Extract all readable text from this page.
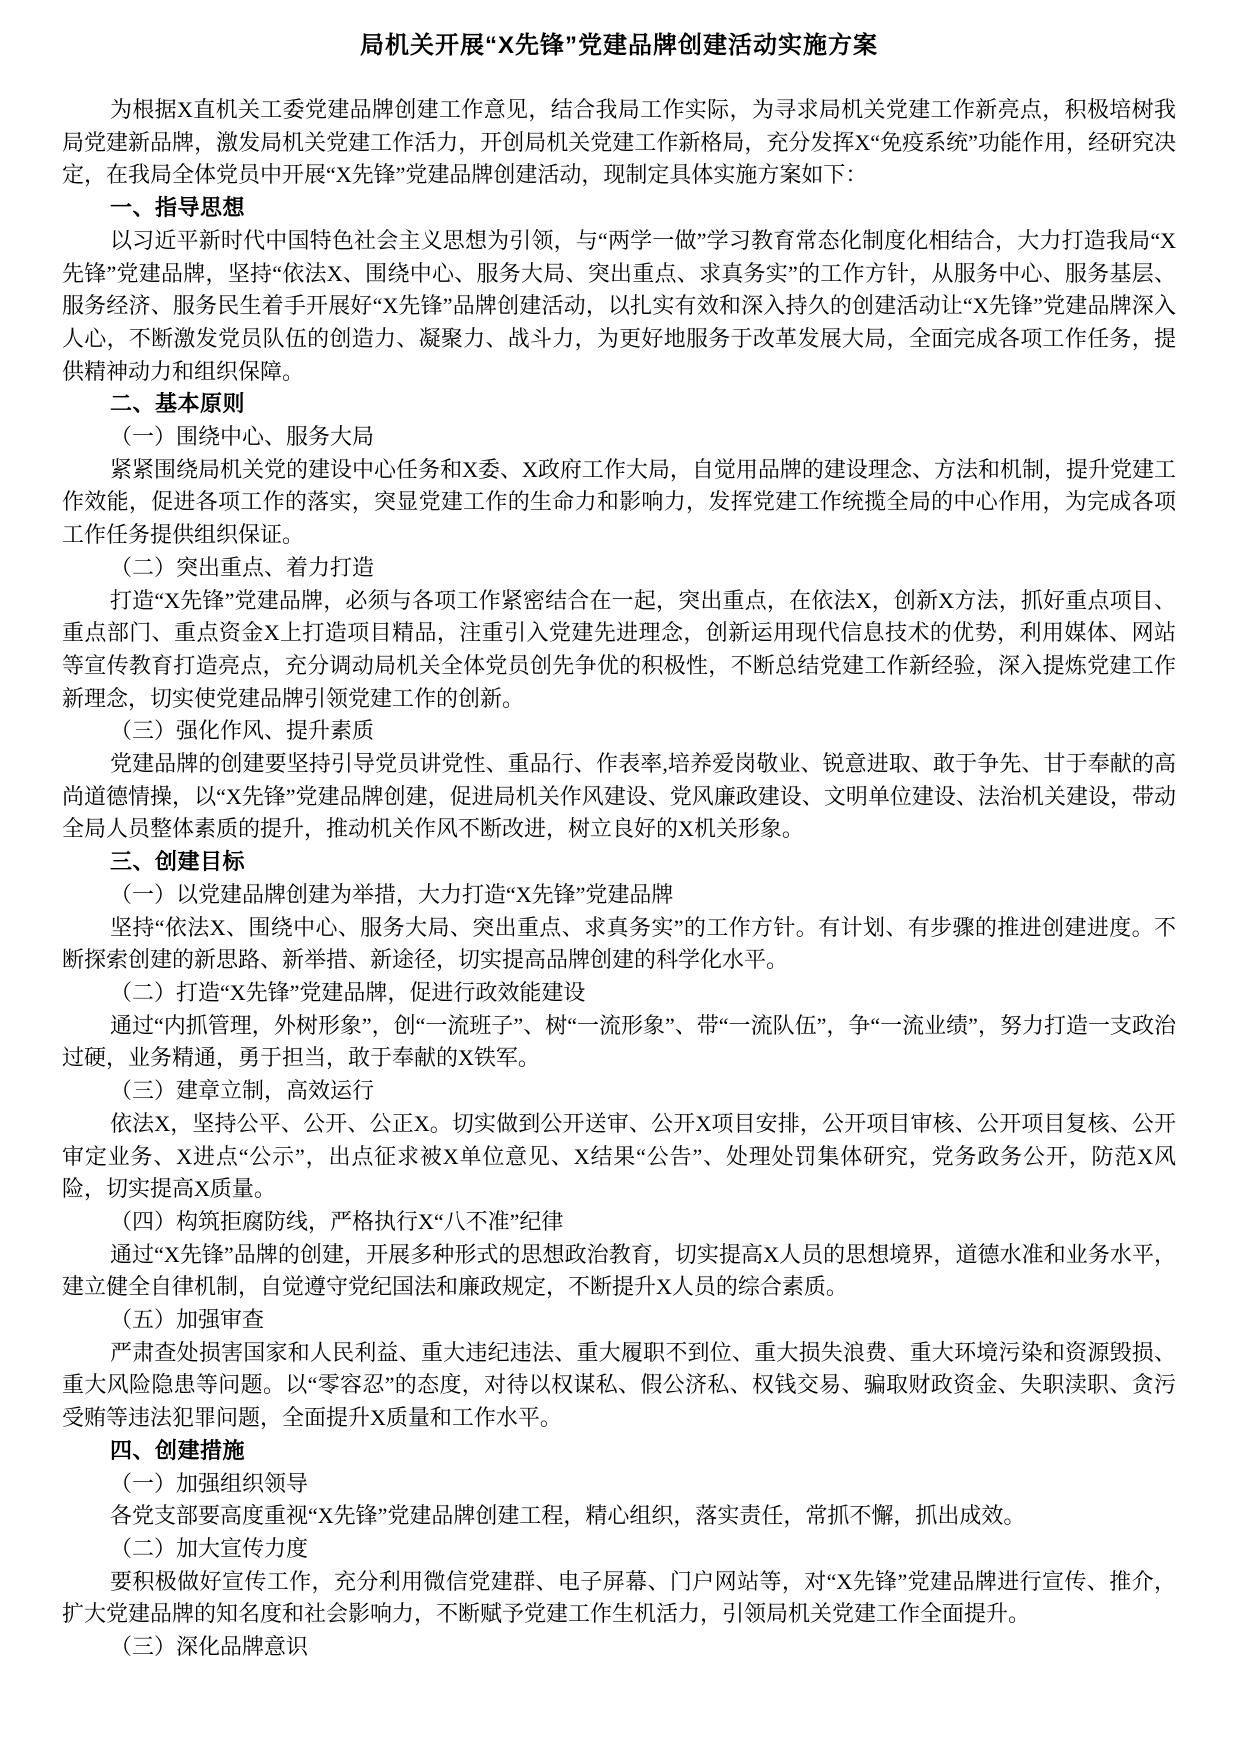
局机关开展“X先锋”党建品牌创建活动实施方案

为根据X直机关工委党建品牌创建工作意见，结合我局工作实际，为寻求局机关党建工作新亮点，积极培树我局党建新品牌，激发局机关党建工作活力，开创局机关党建工作新格局，充分发挥X“免疫系统”功能作用，经研究决定，在我局全体党员中开展“X先锋”党建品牌创建活动，现制定具体实施方案如下：

一、指导思想

以习近平新时代中国特色社会主义思想为引领，与“两学一做”学习教育常态化制度化相结合，大力打造我局“X先锋”党建品牌，坚持“依法X、围绕中心、服务大局、突出重点、求真务实”的工作方针，从服务中心、服务基层、服务经济、服务民生着手开展好“X先锋”品牌创建活动，以扎实有效和深入持久的创建活动让“X先锋”党建品牌深入人心，不断激发党员队伍的创造力、凝聚力、战斗力，为更好地服务于改革发展大局，全面完成各项工作任务，提供精神动力和组织保障。

二、基本原则

（一）围绕中心、服务大局

紧紧围绕局机关党的建设中心任务和X委、X政府工作大局，自觉用品牌的建设理念、方法和机制，提升党建工作效能，促进各项工作的落实，突显党建工作的生命力和影响力，发挥党建工作统揽全局的中心作用，为完成各项工作任务提供组织保证。

（二）突出重点、着力打造

打造“X先锋”党建品牌，必须与各项工作紧密结合在一起，突出重点，在依法X，创新X方法，抓好重点项目、重点部门、重点资金X上打造项目精品，注重引入党建先进理念，创新运用现代信息技术的优势，利用媒体、网站等宣传教育打造亮点，充分调动局机关全体党员创先争优的积极性，不断总结党建工作新经验，深入提炼党建工作新理念，切实使党建品牌引领党建工作的创新。

（三）强化作风、提升素质

党建品牌的创建要坚持引导党员讲党性、重品行、作表率,培养爱岗敬业、锐意进取、敢于争先、甘于奉献的高尚道德情操，以“X先锋”党建品牌创建，促进局机关作风建设、党风廉政建设、文明单位建设、法治机关建设，带动全局人员整体素质的提升，推动机关作风不断改进，树立良好的X机关形象。

三、创建目标

（一）以党建品牌创建为举措，大力打造“X先锋”党建品牌

坚持“依法X、围绕中心、服务大局、突出重点、求真务实”的工作方针。有计划、有步骤的推进创建进度。不断探索创建的新思路、新举措、新途径，切实提高品牌创建的科学化水平。

（二）打造“X先锋”党建品牌，促进行政效能建设

通过“内抓管理，外树形象”，创“一流班子”、树“一流形象”、带“一流队伍”，争“一流业绩”，努力打造一支政治过硬，业务精通，勇于担当，敢于奉献的X铁军。

（三）建章立制，高效运行

依法X，坚持公平、公开、公正X。切实做到公开送审、公开X项目安排，公开项目审核、公开项目复核、公开审定业务、X进点“公示”，出点征求被X单位意见、X结果“公告”、处理处罚集体研究，党务政务公开，防范X风险，切实提高X质量。

（四）构筑拒腐防线，严格执行X“八不准”纪律

通过“X先锋”品牌的创建，开展多种形式的思想政治教育，切实提高X人员的思想境界，道德水准和业务水平，建立健全自律机制，自觉遵守党纪国法和廉政规定，不断提升X人员的综合素质。

（五）加强审查

严肃查处损害国家和人民利益、重大违纪违法、重大履职不到位、重大损失浪费、重大环境污染和资源毁损、重大风险隐患等问题。以“零容忍”的态度，对待以权谋私、假公济私、权钱交易、骗取财政资金、失职渎职、贪污受贿等违法犯罪问题，全面提升X质量和工作水平。

四、创建措施

（一）加强组织领导

各党支部要高度重视“X先锋”党建品牌创建工程，精心组织，落实责任，常抓不懈，抓出成效。

（二）加大宣传力度

要积极做好宣传工作，充分利用微信党建群、电子屏幕、门户网站等，对“X先锋”党建品牌进行宣传、推介，扩大党建品牌的知名度和社会影响力，不断赋予党建工作生机活力，引领局机关党建工作全面提升。

（三）深化品牌意识
